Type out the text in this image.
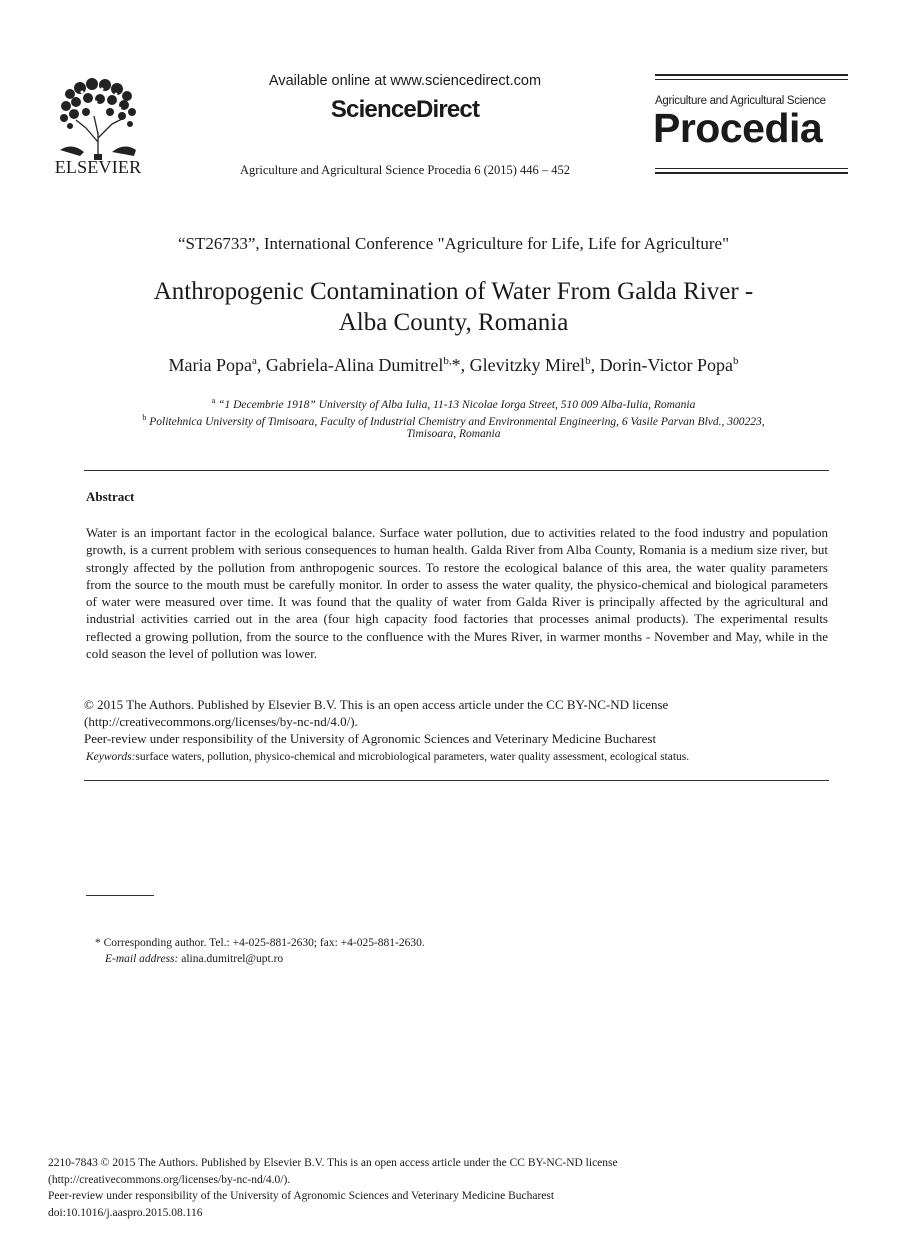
ELSEVIER
Available online at www.sciencedirect.com
ScienceDirect
Agriculture and Agricultural Science Procedia 6 (2015) 446 – 452
Agriculture and Agricultural Science
Procedia
“ST26733”, International Conference "Agriculture for Life, Life for Agriculture"
Anthropogenic Contamination of Water From Galda River -
Alba County, Romania
Maria Popa$^a$, Gabriela-Alina Dumitrel$^{b,}$*, Glevitzky Mirel$^b$, Dorin-Victor Popa$^b$
$^a$ “1 Decembrie 1918” University of Alba Iulia, 11-13 Nicolae Iorga Street, 510 009 Alba-Iulia, Romania
$^b$ Politehnica University of Timisoara, Faculty of Industrial Chemistry and Environmental Engineering, 6 Vasile Parvan Blvd., 300223,
Timisoara, Romania
Abstract
Water is an important factor in the ecological balance. Surface water pollution, due to activities related to the food industry and population growth, is a current problem with serious consequences to human health. Galda River from Alba County, Romania is a medium size river, but strongly affected by the pollution from anthropogenic sources. To restore the ecological balance of this area, the water quality parameters from the source to the mouth must be carefully monitor. In order to assess the water quality, the physico-chemical and biological parameters of water were measured over time. It was found that the quality of water from Galda River is principally affected by the agricultural and industrial activities carried out in the area (four high capacity food factories that processes animal products). The experimental results reflected a growing pollution, from the source to the confluence with the Mures River, in warmer months - November and May, while in the cold season the level of pollution was lower.
© 2015 The Authors. Published by Elsevier B.V. This is an open access article under the CC BY-NC-ND license
(http://creativecommons.org/licenses/by-nc-nd/4.0/).
Peer-review under responsibility of the University of Agronomic Sciences and Veterinary Medicine Bucharest
Keywords:surface waters, pollution, physico-chemical and microbiological parameters, water quality assessment, ecological status.
* Corresponding author. Tel.: +4-025-881-2630; fax: +4-025-881-2630.
E-mail address: alina.dumitrel@upt.ro
2210-7843 © 2015 The Authors. Published by Elsevier B.V. This is an open access article under the CC BY-NC-ND license
(http://creativecommons.org/licenses/by-nc-nd/4.0/).
Peer-review under responsibility of the University of Agronomic Sciences and Veterinary Medicine Bucharest
doi:10.1016/j.aaspro.2015.08.116
